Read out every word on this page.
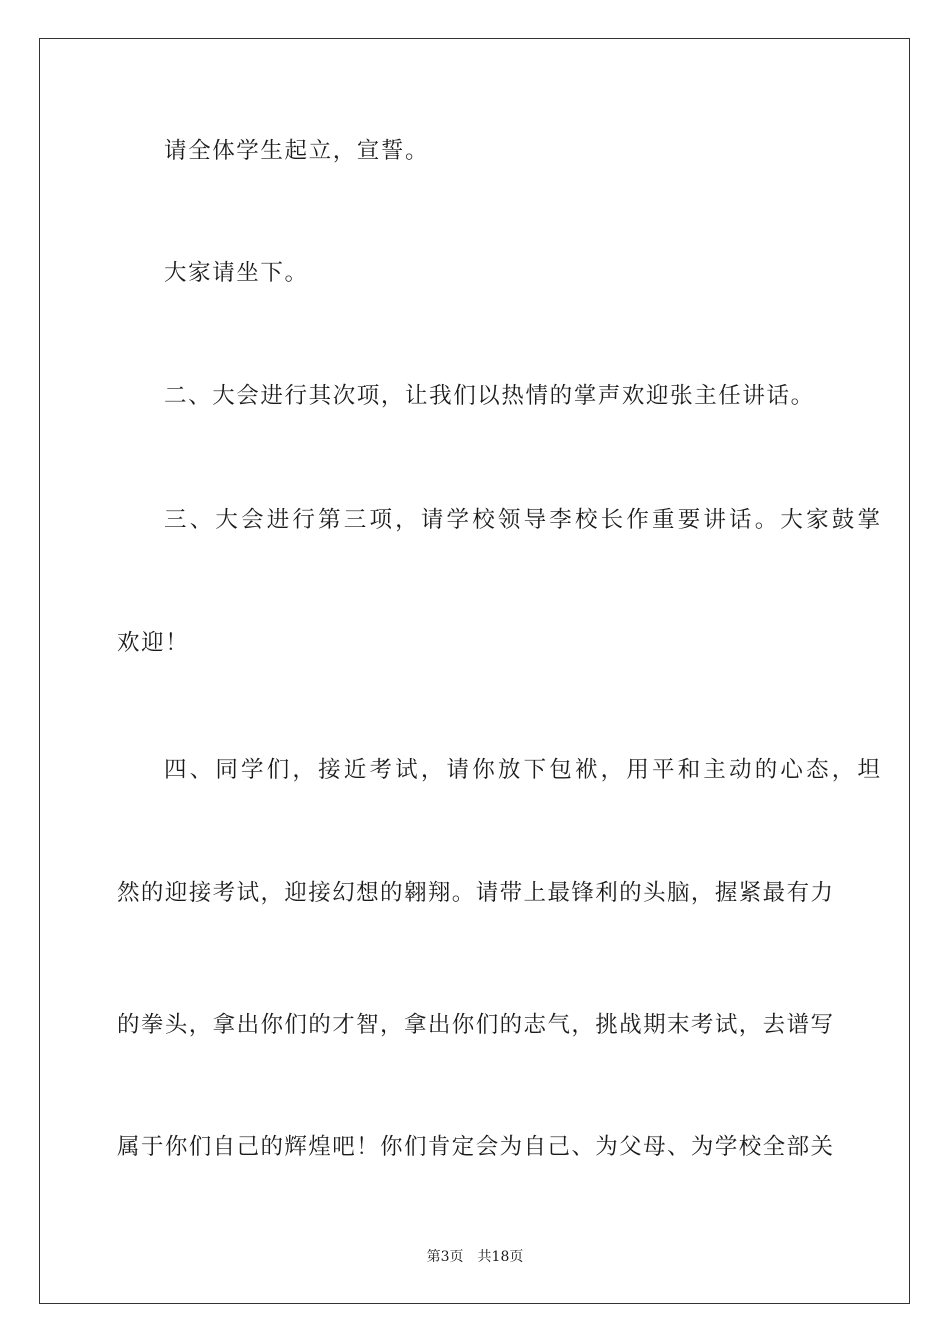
请全体学生起立，宣誓。
大家请坐下。
二、大会进行其次项，让我们以热情的掌声欢迎张主任讲话。
三、大会进行第三项，请学校领导李校长作重要讲话。大家鼓掌
欢迎！
四、同学们，接近考试，请你放下包袱，用平和主动的心态，坦
然的迎接考试，迎接幻想的翱翔。请带上最锋利的头脑，握紧最有力
的拳头，拿出你们的才智，拿出你们的志气，挑战期末考试，去谱写
属于你们自己的辉煌吧！你们肯定会为自己、为父母、为学校全部关
第3页 共18页
